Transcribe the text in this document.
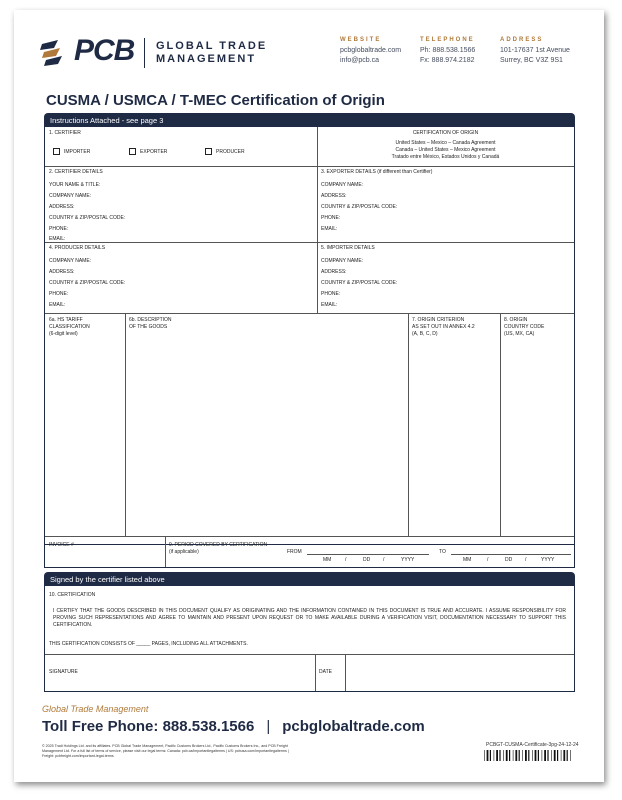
PCB GLOBAL TRADE
MANAGEMENT
WEBSITE
pcbglobaltrade.com
info@pcb.ca
TELEPHONE
Ph: 888.538.1566
Fx: 888.974.2182
ADDRESS
101-17637 1st Avenue
Surrey, BC V3Z 9S1
CUSMA / USMCA / T-MEC Certification of Origin
Instructions Attached - see page 3
1. CERTIFIER
IMPORTER	EXPORTER	PRODUCER
CERTIFICATION OF ORIGIN
United States – Mexico – Canada Agreement
Canada – United States – Mexico Agreement
Tratado entre México, Estados Unidos y Canadá
2. CERTIFIER DETAILS
YOUR NAME & TITLE:
COMPANY NAME:
ADDRESS:
COUNTRY & ZIP/POSTAL CODE:
PHONE:
EMAIL:
3. EXPORTER DETAILS (if different than Certifier)
COMPANY NAME:
ADDRESS:
COUNTRY & ZIP/POSTAL CODE:
PHONE:
EMAIL:
4. PRODUCER DETAILS
COMPANY NAME:
ADDRESS:
COUNTRY & ZIP/POSTAL CODE:
PHONE:
EMAIL:
5. IMPORTER DETAILS
COMPANY NAME:
ADDRESS:
COUNTRY & ZIP/POSTAL CODE:
PHONE:
EMAIL:
6a. HS TARIFF
CLASSIFICATION
(6-digit level)
6b. DESCRIPTION
OF THE GOODS
7. ORIGIN CRITERION
AS SET OUT IN ANNEX 4.2
(A, B, C, D)
8. ORIGIN
COUNTRY CODE
(US, MX, CA)
INVOICE #	9. PERIOD COVERED BY CERTIFICATION
(if applicable)	FROM
MM	/	DD	/	YYYY
TO
MM	/	DD	/	YYYY
Signed by the certifier listed above
10. CERTIFICATION
I CERTIFY THAT THE GOODS DESCRIBED IN THIS DOCUMENT QUALIFY AS ORIGINATING AND THE INFORMATION CONTAINED IN THIS DOCUMENT IS TRUE AND ACCURATE. I ASSUME RESPONSIBILITY FOR PROVING SUCH REPRESENTATIONS AND AGREE TO MAINTAIN AND PRESENT UPON REQUEST OR TO MAKE AVAILABLE DURING A VERIFICATION VISIT, DOCUMENTATION NECESSARY TO SUPPORT THIS CERTIFICATION.
THIS CERTIFICATION CONSISTS OF _____ PAGES, INCLUDING ALL ATTACHMENTS.
SIGNATURE	DATE
Global Trade Management
Toll Free Phone: 888.538.1566 | pcbglobaltrade.com
© 2025 Tradi Holdings Ltd. and its affiliates. PCB Global Trade Management, Pacific Customs Brokers Ltd., Pacific Customs Brokers Inc., and PCB Freight
Management Ltd. For a full list of terms of service, please visit our legal terms: Canada: pcb.ca/importantlegalterms | US: pcbusa.com/importantlegalterms |
Freight: pcbfreight.com/important-legal-terms
PCBGT-CUSMA-Certificate-3pg-24-12-24
